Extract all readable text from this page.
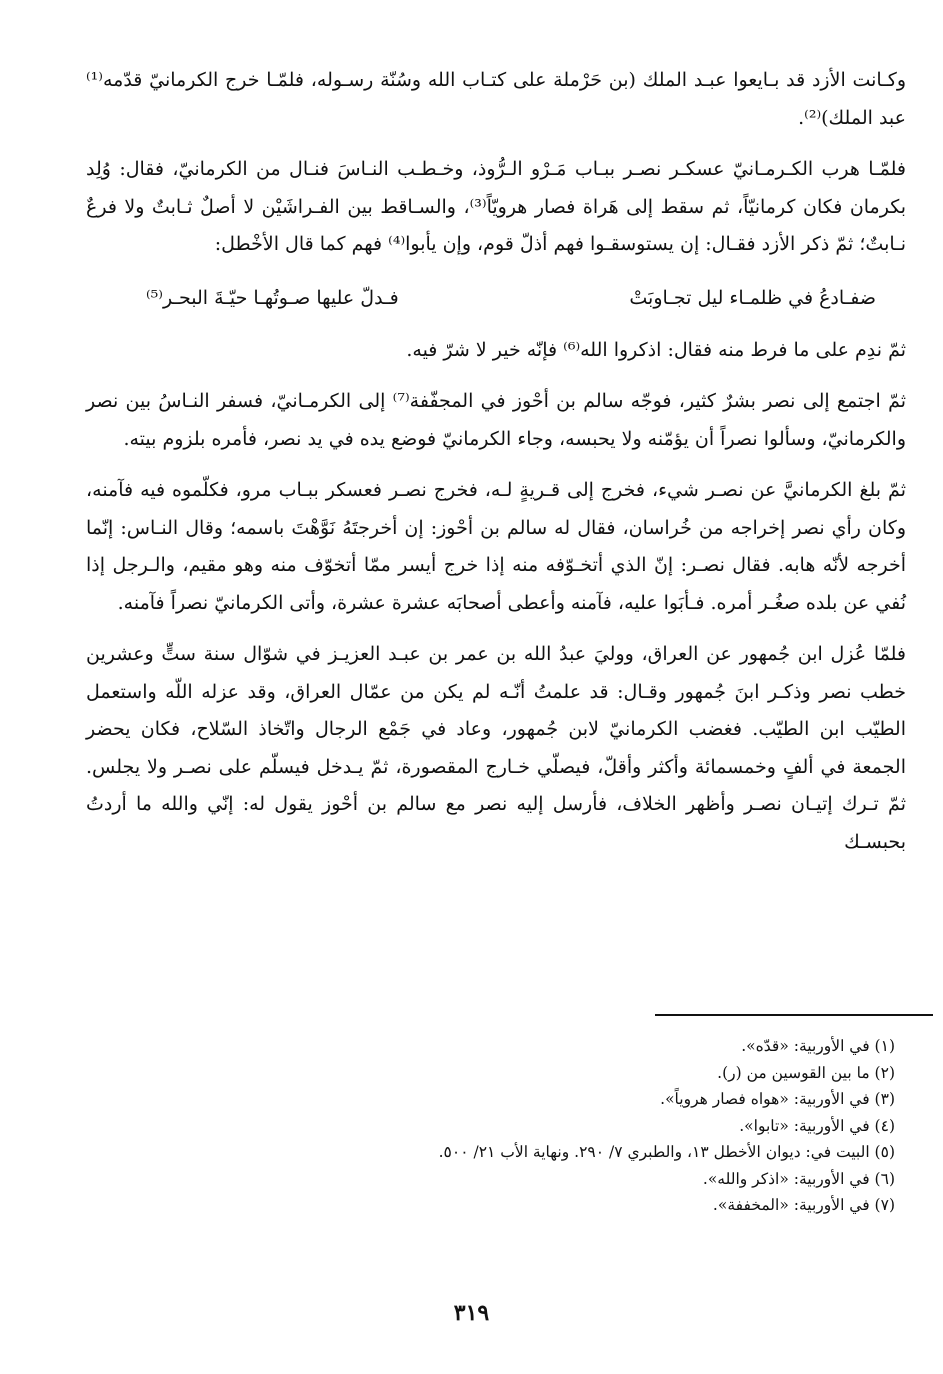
وكـانت الأزد قد بـايعوا عبـد الملك (بن حَرْملة على كتـاب الله وسُنّة رسـوله، فلمّـا خرج الكرمانيّ قدّمه⁽¹⁾ عبد الملك)⁽²⁾.

فلمّـا هرب الكـرمـانيّ عسكـر نصـر ببـاب مَـرْو الـرُّوذ، وخـطـب النـاسَ فنـال من الكرمانيّ، فقال: وُلِد بكرمان فكان كرمانيّاً، ثم سقط إلى هَراة فصار هرويّاً⁽³⁾، والسـاقط بين الفـراشَيْن لا أصلٌ ثـابتٌ ولا فرعٌ نـابتٌ؛ ثمّ ذكر الأزد فقـال: إن يستوسقـوا فهم أذلّ قوم، وإن يأبوا⁽⁴⁾ فهم كما قال الأخْطل:

ضفـادعُ في ظلمـاء ليل تجـاوبَتْ
فـدلّ عليها صـوتُهـا حيّـةَ البحـر⁽⁵⁾

ثمّ ندِم على ما فرط منه فقال: اذكروا الله⁽⁶⁾ فإنّه خير لا شرّ فيه.

ثمّ اجتمع إلى نصر بشرٌ كثير، فوجّه سالم بن أحْوز في المجفّفة⁽⁷⁾ إلى الكرمـانيّ، فسفر النـاسُ بين نصر والكرمانيّ، وسألوا نصراً أن يؤمّنه ولا يحبسه، وجاء الكرمانيّ فوضع يده في يد نصر، فأمره بلزوم بيته.

ثمّ بلغ الكرمانيَّ عن نصـر شيء، فخرج إلى قـريةٍ لـه، فخرج نصـر فعسكر ببـاب مرو، فكلّموه فيه فآمنه، وكان رأي نصر إخراجه من خُراسان، فقال له سالم بن أحْوز: إن أخرجتَهُ نَوَّهْتَ باسمه؛ وقال النـاس: إنّما أخرجه لأنّه هابه. فقال نصـر: إنّ الذي أتخـوّفه منه إذا خرج أيسر ممّا أتخوّف منه وهو مقيم، والـرجل إذا نُفي عن بلده صغُـر أمره. فـأبَوا عليه، فآمنه وأعطى أصحابَه عشرة عشرة، وأتى الكرمانيّ نصراً فآمنه.

فلمّا عُزل ابن جُمهور عن العراق، ووليَ عبدُ الله بن عمر بن عبـد العزيـز في شوّال سنة ستٍّ وعشرين خطب نصر وذكـر ابنَ جُمهور وقـال: قد علمتُ أنّـه لم يكن من عمّال العراق، وقد عزله اللّه واستعمل الطيّب ابن الطيّب. فغضب الكرمانيّ لابن جُمهور، وعاد في جَمْع الرجال واتّخاذ السّلاح، فكان يحضر الجمعة في ألفٍ وخمسمائة وأكثر وأقلّ، فيصلّي خـارج المقصورة، ثمّ يـدخل فيسلّم على نصـر ولا يجلس. ثمّ تـرك إتيـان نصـر وأظهر الخلاف، فأرسل إليه نصر مع سالم بن أحْوز يقول له: إنّي والله ما أردتُ بحبسـك

(١) في الأوربية: «قدّه».
(٢) ما بين القوسين من (ر).
(٣) في الأوربية: «هواه فصار هروياً».
(٤) في الأوربية: «تابوا».
(٥) البيت في: ديوان الأخطل ١٣، والطبري ٧/ ٢٩٠. ونهاية الأب ٢١/ ٥٠٠.
(٦) في الأوربية: «اذكر والله».
(٧) في الأوربية: «المخففة».
٣١٩
